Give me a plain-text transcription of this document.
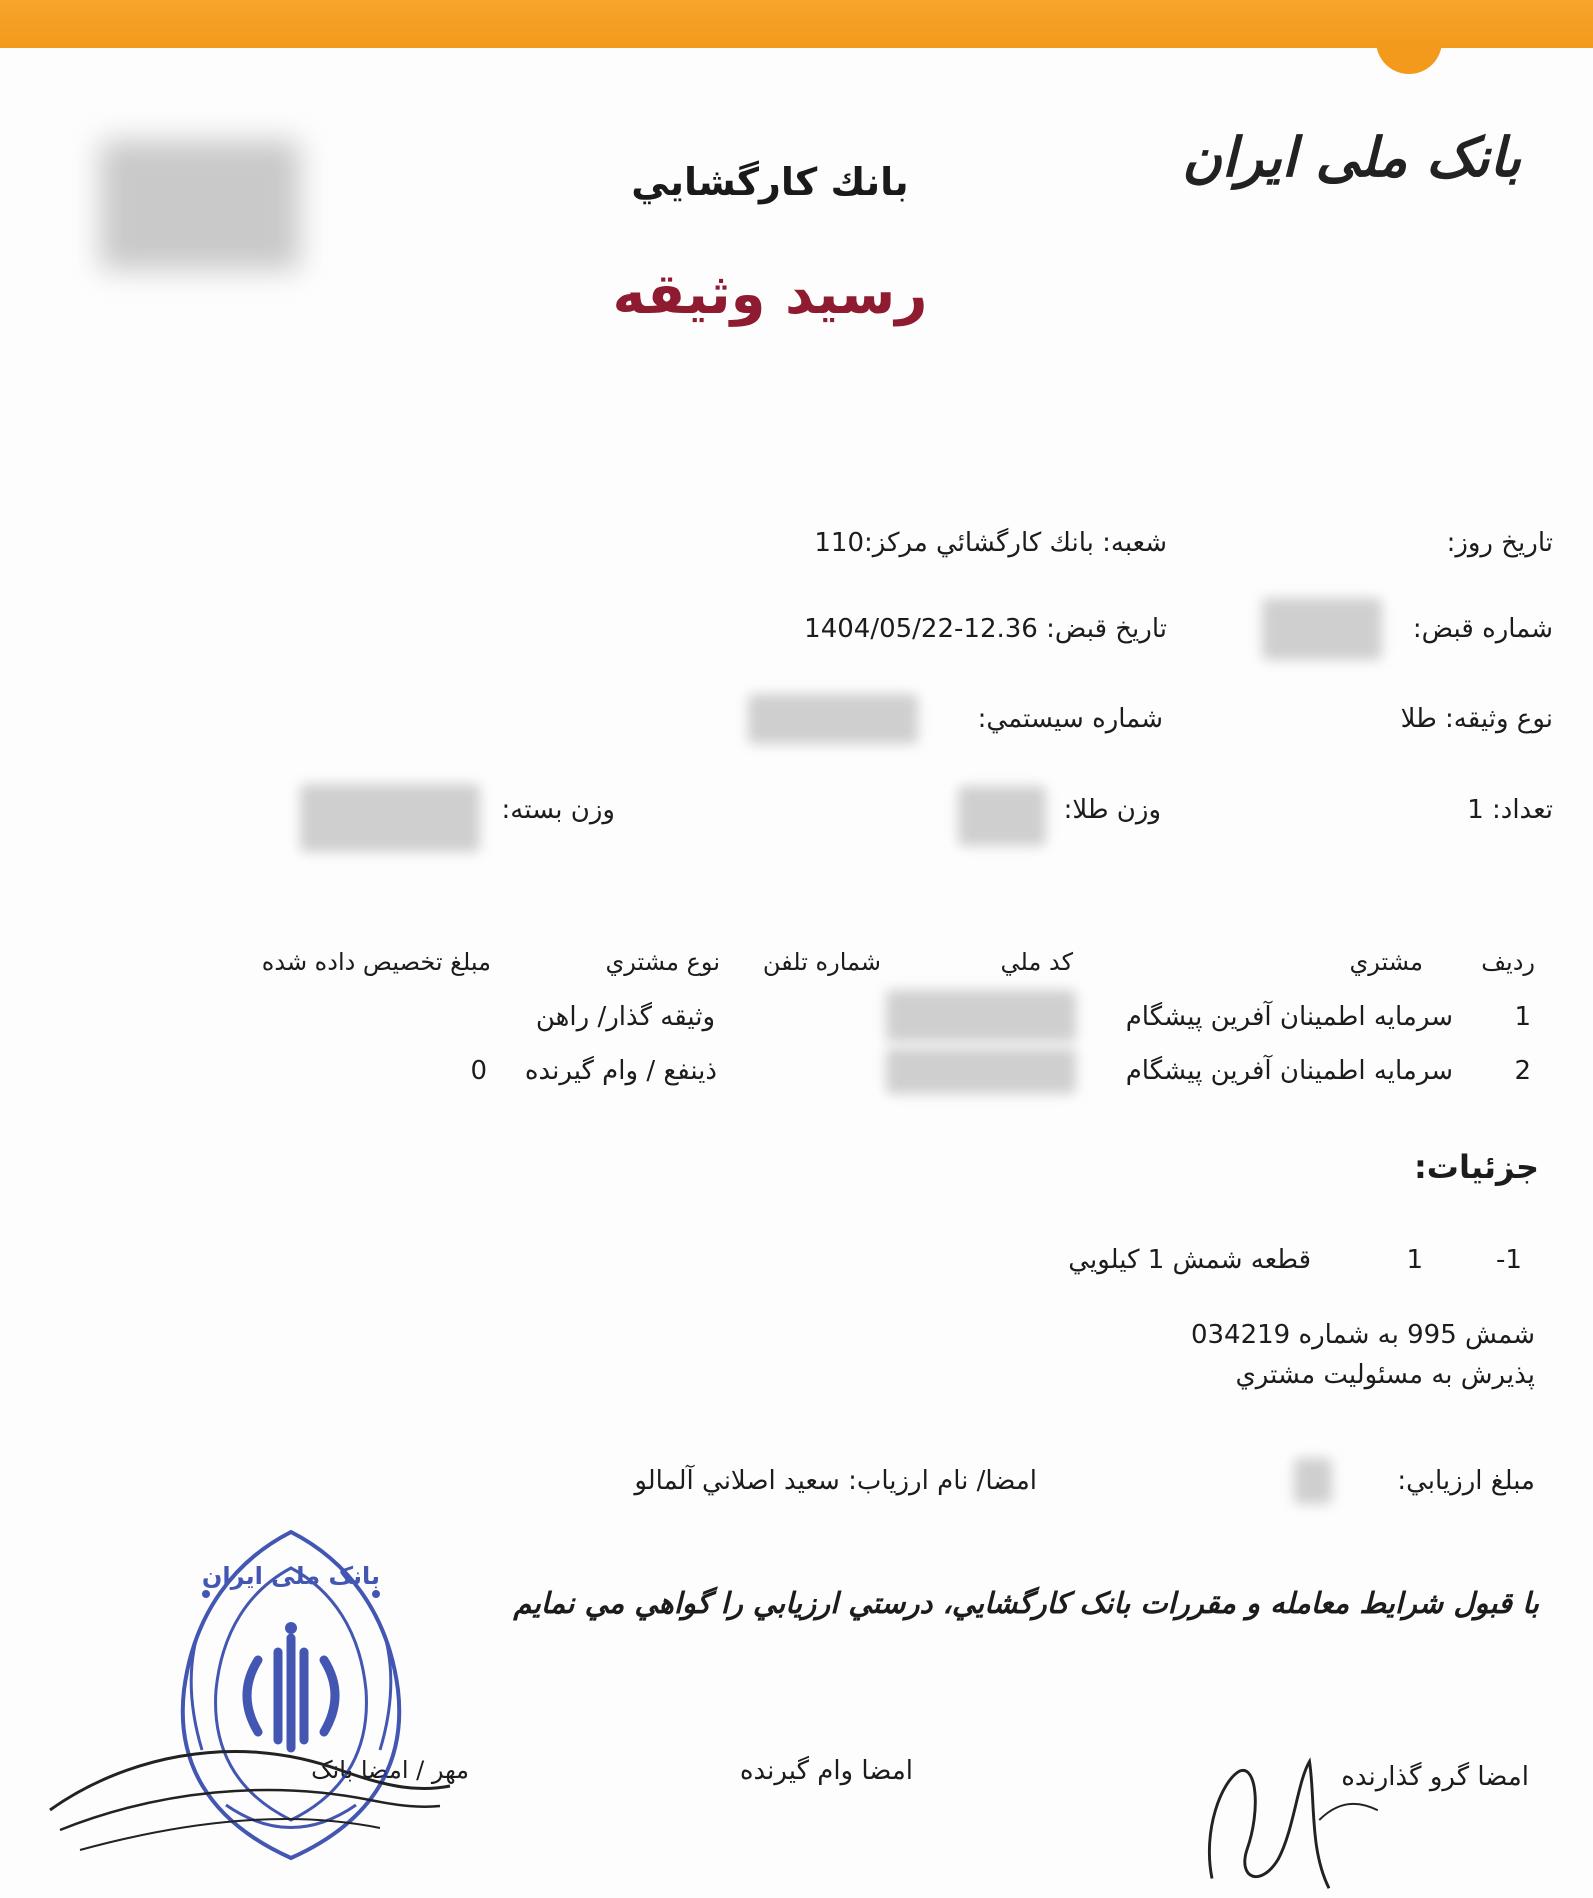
بانک ملی ایران
بانك كارگشايي
رسيد وثيقه
تاريخ روز:
شعبه: بانك كارگشائي مركز:110
شماره قبض:
تاريخ قبض: 12.36-1404/05/22
نوع وثيقه: طلا
شماره سيستمي:
تعداد: 1
وزن طلا:
وزن بسته:
رديف
مشتري
كد ملي
شماره تلفن
نوع مشتري
مبلغ تخصيص داده شده
1
سرمايه اطمينان آفرين پيشگام
وثيقه گذار/ راهن
2
سرمايه اطمينان آفرين پيشگام
ذينفع / وام گيرنده
0
جزئيات:
-1
1
قطعه شمش 1 كيلويي
شمش 995 به شماره 034219
پذيرش به مسئوليت مشتري
مبلغ ارزيابي:
امضا/ نام ارزياب: سعيد اصلاني آلمالو
با قبول شرايط معامله و مقررات بانک کارگشايي، درستي ارزيابي را گواهي مي نمايم
امضا گرو گذارنده
امضا وام گيرنده
مهر / امضا بانک
بانک ملی ایران
